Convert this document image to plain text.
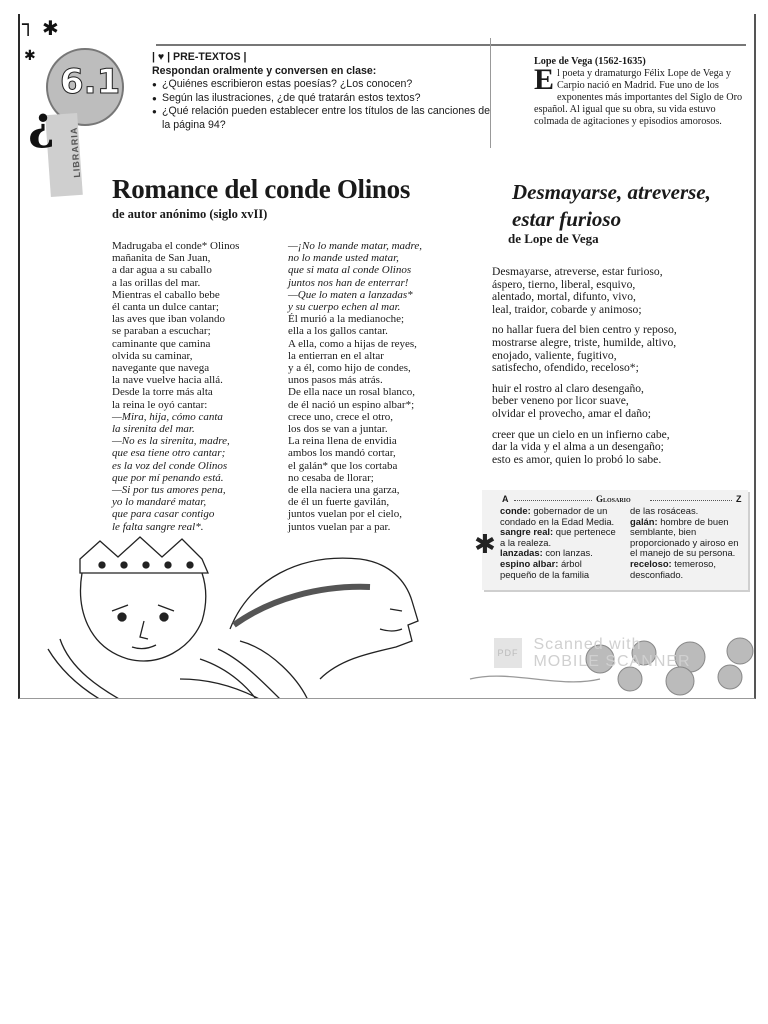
┐ ✱
✱
6.1
LIBRARIA
¿
| ♥ | PRE-TEXTOS |
Respondan oralmente y conversen en clase:
● ¿Quiénes escribieron estas poesías? ¿Los conocen?
● Según las ilustraciones, ¿de qué tratarán estos textos?
● ¿Qué relación pueden establecer entre los títulos de las canciones de la página 94?
Lope de Vega (1562-1635)
E l poeta y dramaturgo Félix Lope de Vega y Carpio nació en Madrid. Fue uno de los exponentes más importantes del Siglo de Oro español. Al igual que su obra, su vida estuvo colmada de agitaciones y episodios amorosos.
Romance del conde Olinos
de autor anónimo (siglo xvII)
Desmayarse, atreverse, estar furioso
de Lope de Vega
Madrugaba el conde* Olinos
mañanita de San Juan,
a dar agua a su caballo
a las orillas del mar.
Mientras el caballo bebe
él canta un dulce cantar;
las aves que iban volando
se paraban a escuchar;
caminante que camina
olvida su caminar,
navegante que navega
la nave vuelve hacia allá.
Desde la torre más alta
la reina le oyó cantar:
—Mira, hija, cómo canta
la sirenita del mar.
—No es la sirenita, madre,
que esa tiene otro cantar;
es la voz del conde Olinos
que por mí penando está.
—Si por tus amores pena,
yo lo mandaré matar,
que para casar contigo
le falta sangre real*.
—¡No lo mande matar, madre,
no lo mande usted matar,
que si mata al conde Olinos
juntos nos han de enterrar!
—Que lo maten a lanzadas*
y su cuerpo echen al mar.
Él murió a la medianoche;
ella a los gallos cantar.
A ella, como a hijas de reyes,
la entierran en el altar
y a él, como hijo de condes,
unos pasos más atrás.
De ella nace un rosal blanco,
de él nació un espino albar*;
crece uno, crece el otro,
los dos se van a juntar.
La reina llena de envidia
ambos los mandó cortar,
el galán* que los cortaba
no cesaba de llorar;
de ella naciera una garza,
de él un fuerte gavilán,
juntos vuelan por el cielo,
juntos vuelan par a par.
Desmayarse, atreverse, estar furioso,
áspero, tierno, liberal, esquivo,
alentado, mortal, difunto, vivo,
leal, traidor, cobarde y animoso;
no hallar fuera del bien centro y reposo,
mostrarse alegre, triste, humilde, altivo,
enojado, valiente, fugitivo,
satisfecho, ofendido, receloso*;
huir el rostro al claro desengaño,
beber veneno por licor suave,
olvidar el provecho, amar el daño;
creer que un cielo en un infierno cabe,
dar la vida y el alma a un desengaño;
esto es amor, quien lo probó lo sabe.
A	Glosario	Z
✱
conde: gobernador de un condado en la Edad Media.
sangre real: que pertenece a la realeza.
lanzadas: con lanzas.
espino albar: árbol pequeño de la familia
de las rosáceas.
galán: hombre de buen semblante, bien proporcionado y airoso en el manejo de su persona.
receloso: temeroso, desconfiado.
PDF Scanned with
MOBILE SCANNER
